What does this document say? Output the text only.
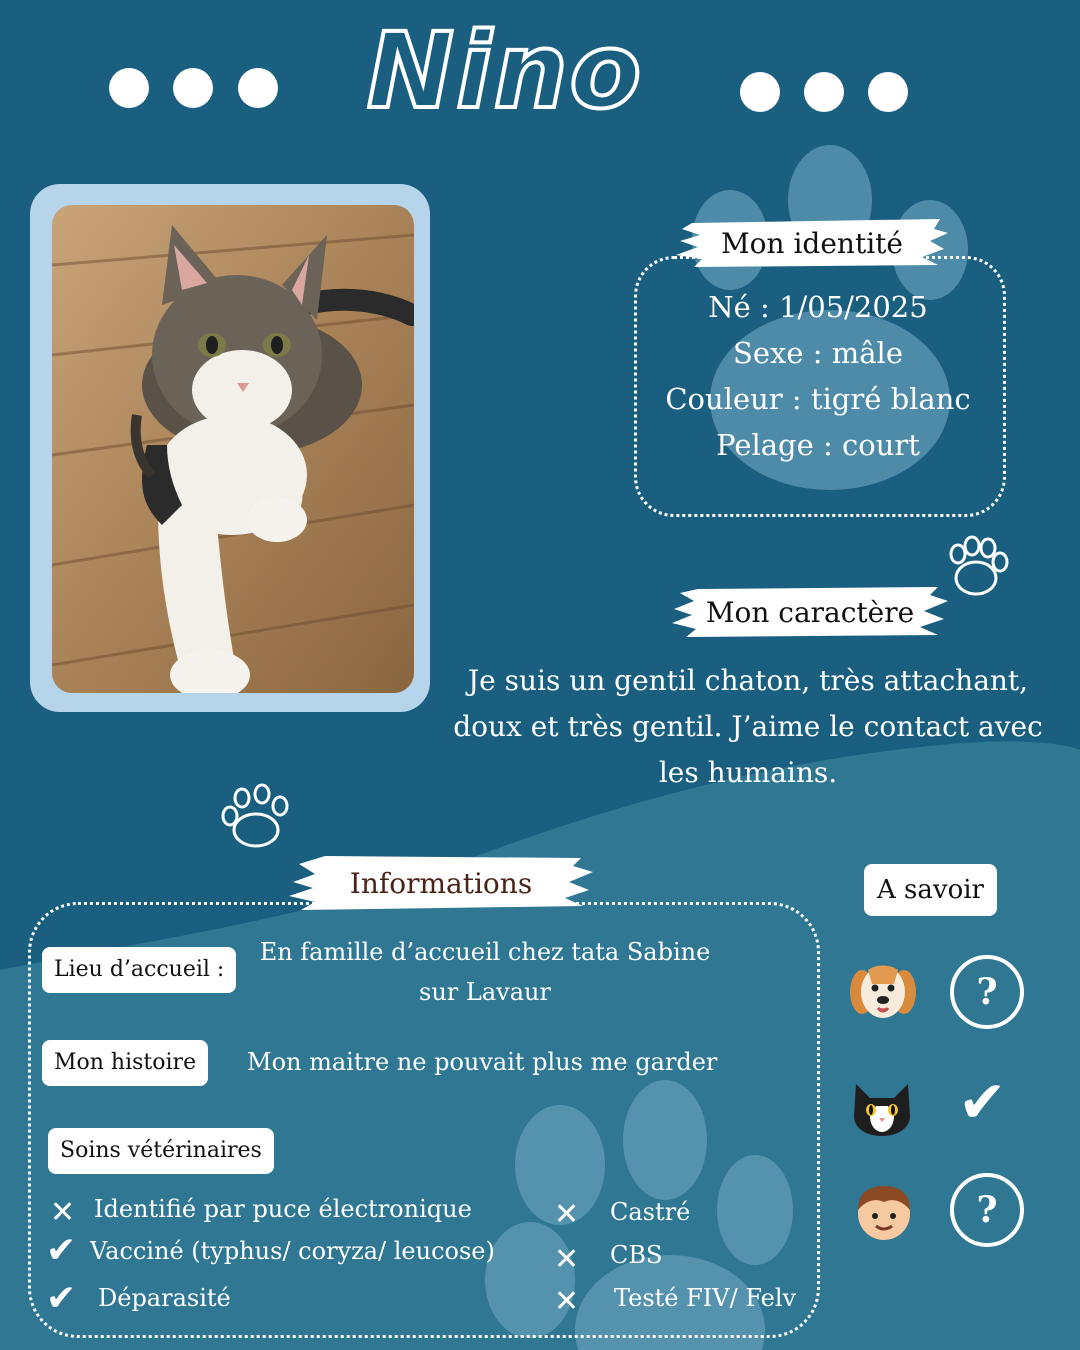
Nino
Mon identité
Né : 1/05/2025
Sexe : mâle
Couleur : tigré blanc
Pelage : court
Mon caractère
Je suis un gentil chaton, très attachant, doux et très gentil. J’aime le contact avec les humains.
Informations
Lieu d’accueil :
En famille d’accueil chez tata Sabine
sur Lavaur
Mon histoire	Mon maitre ne pouvait plus me garder
Soins vétérinaires
✕ Identifié par puce électronique
✔ Vacciné (typhus/ coryza/ leucose)
✔ Déparasité
✕ Castré
✕ CBS
✕ Testé FIV/ Felv
A savoir
?
✔
?
